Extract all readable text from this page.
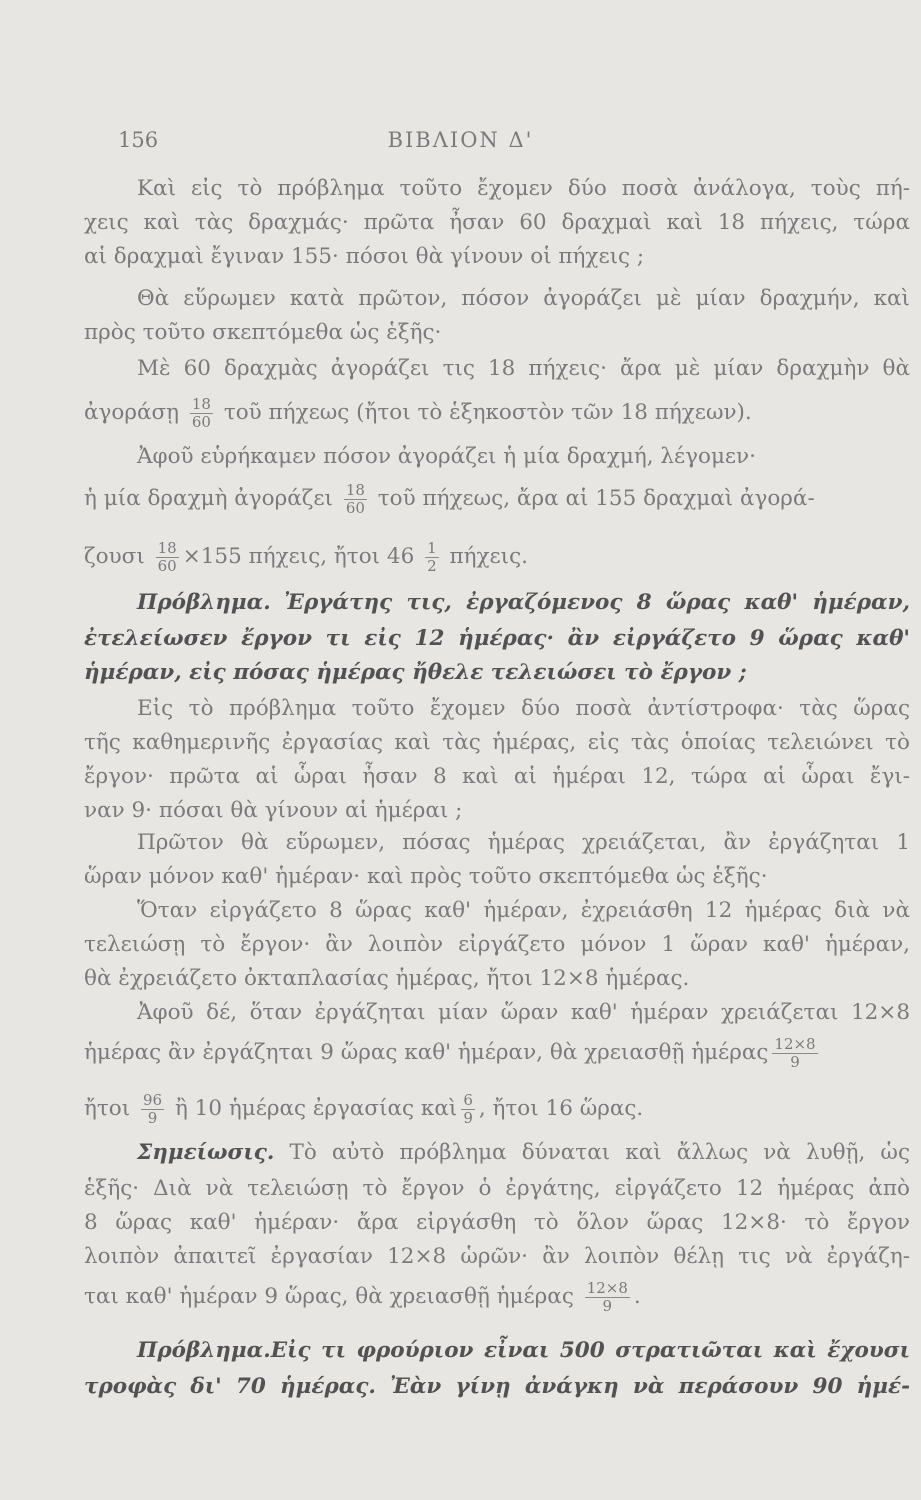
156	ΒΙΒΛΙΟΝ Δ'
Καὶ εἰς τὸ πρόβλημα τοῦτο ἔχομεν δύο ποσὰ ἀνάλογα, τοὺς πή-
χεις καὶ τὰς δραχμάς· πρῶτα ἦσαν 60 δραχμαὶ καὶ 18 πήχεις, τώρα
αἱ δραχμαὶ ἔγιναν 155· πόσοι θὰ γίνουν οἱ πήχεις ;
Θὰ εὕρωμεν κατὰ πρῶτον, πόσον ἀγοράζει μὲ μίαν δραχμήν, καὶ
πρὸς τοῦτο σκεπτόμεθα ὡς ἑξῆς·
Μὲ 60 δραχμὰς ἀγοράζει τις 18 πήχεις· ἄρα μὲ μίαν δραχμὴν θὰ
ἀγοράσῃ $\frac{18}{60}$ τοῦ πήχεως (ἤτοι τὸ ἑξηκοστὸν τῶν 18 πήχεων).
Ἀφοῦ εὑρήκαμεν πόσον ἀγοράζει ἡ μία δραχμή, λέγομεν·
ἡ μία δραχμὴ ἀγοράζει $\frac{18}{60}$ τοῦ πήχεως, ἄρα αἱ 155 δραχμαὶ ἀγορά-
ζουσι $\frac{18}{60} \times 155$ πήχεις, ἤτοι $46 \frac{1}{2} \pi ή\chi\varepsilon\iota\varsigma$.
Πρόβλημα. Ἐργάτης τις, ἐργαζόμενος 8 ὥρας καθ' ἡμέραν,
ἐτελείωσεν ἔργον τι εἰς 12 ἡμέρας· ἂν εἰργάζετο 9 ὥρας καθ'
ἡμέραν, εἰς πόσας ἡμέρας ἤθελε τελειώσει τὸ ἔργον ;
Εἰς τὸ πρόβλημα τοῦτο ἔχομεν δύο ποσὰ ἀντίστροφα· τὰς ὥρας
τῆς καθημερινῆς ἐργασίας καὶ τὰς ἡμέρας, εἰς τὰς ὁποίας τελειώνει τὸ
ἔργον· πρῶτα αἱ ὧραι ἦσαν 8 καὶ αἱ ἡμέραι 12, τώρα αἱ ὧραι ἔγι-
ναν 9· πόσαι θὰ γίνουν αἱ ἡμέραι ;
Πρῶτον θὰ εὕρωμεν, πόσας ἡμέρας χρειάζεται, ἂν ἐργάζηται 1
ὥραν μόνον καθ' ἡμέραν· καὶ πρὸς τοῦτο σκεπτόμεθα ὡς ἑξῆς·
Ὅταν εἰργάζετο 8 ὥρας καθ' ἡμέραν, ἐχρειάσθη 12 ἡμέρας διὰ νὰ
τελειώσῃ τὸ ἔργον· ἂν λοιπὸν εἰργάζετο μόνον 1 ὥραν καθ' ἡμέραν,
θὰ ἐχρειάζετο ὀκταπλασίας ἡμέρας, ἤτοι 12×8 ἡμέρας.
Ἀφοῦ δέ, ὅταν ἐργάζηται μίαν ὥραν καθ' ἡμέραν χρειάζεται 12×8
ἡμέρας ἂν ἐργάζηται 9 ὥρας καθ' ἡμέραν, θὰ χρειασθῇ ἡμέρας $\frac{12\times 8}{9}$
ἤτοι $\frac{96}{9}$ ἢ 10 ἡμέρας ἐργασίας καὶ $\frac{6}{9}$ , ἤτοι 16 ὥρας.
Σημείωσις. Τὸ αὐτὸ πρόβλημα δύναται καὶ ἄλλως νὰ λυθῇ, ὡς
ἑξῆς· Διὰ νὰ τελειώσῃ τὸ ἔργον ὁ ἐργάτης, εἰργάζετο 12 ἡμέρας ἀπὸ
8 ὥρας καθ' ἡμέραν· ἄρα εἰργάσθη τὸ ὅλον ὥρας 12×8· τὸ ἔργον
λοιπὸν ἀπαιτεῖ ἐργασίαν 12×8 ὡρῶν· ἂν λοιπὸν θέλῃ τις νὰ ἐργάζη-
ται καθ' ἡμέραν 9 ὥρας, θὰ χρειασθῇ ἡμέρας $\frac{12\times 8}{9}$ .
Πρόβλημα.Εἰς τι φρούριον εἶναι 500 στρατιῶται καὶ ἔχουσι
τροφὰς δι' 70 ἡμέρας. Ἐὰν γίνῃ ἀνάγκη νὰ περάσουν 90 ἡμέ-
